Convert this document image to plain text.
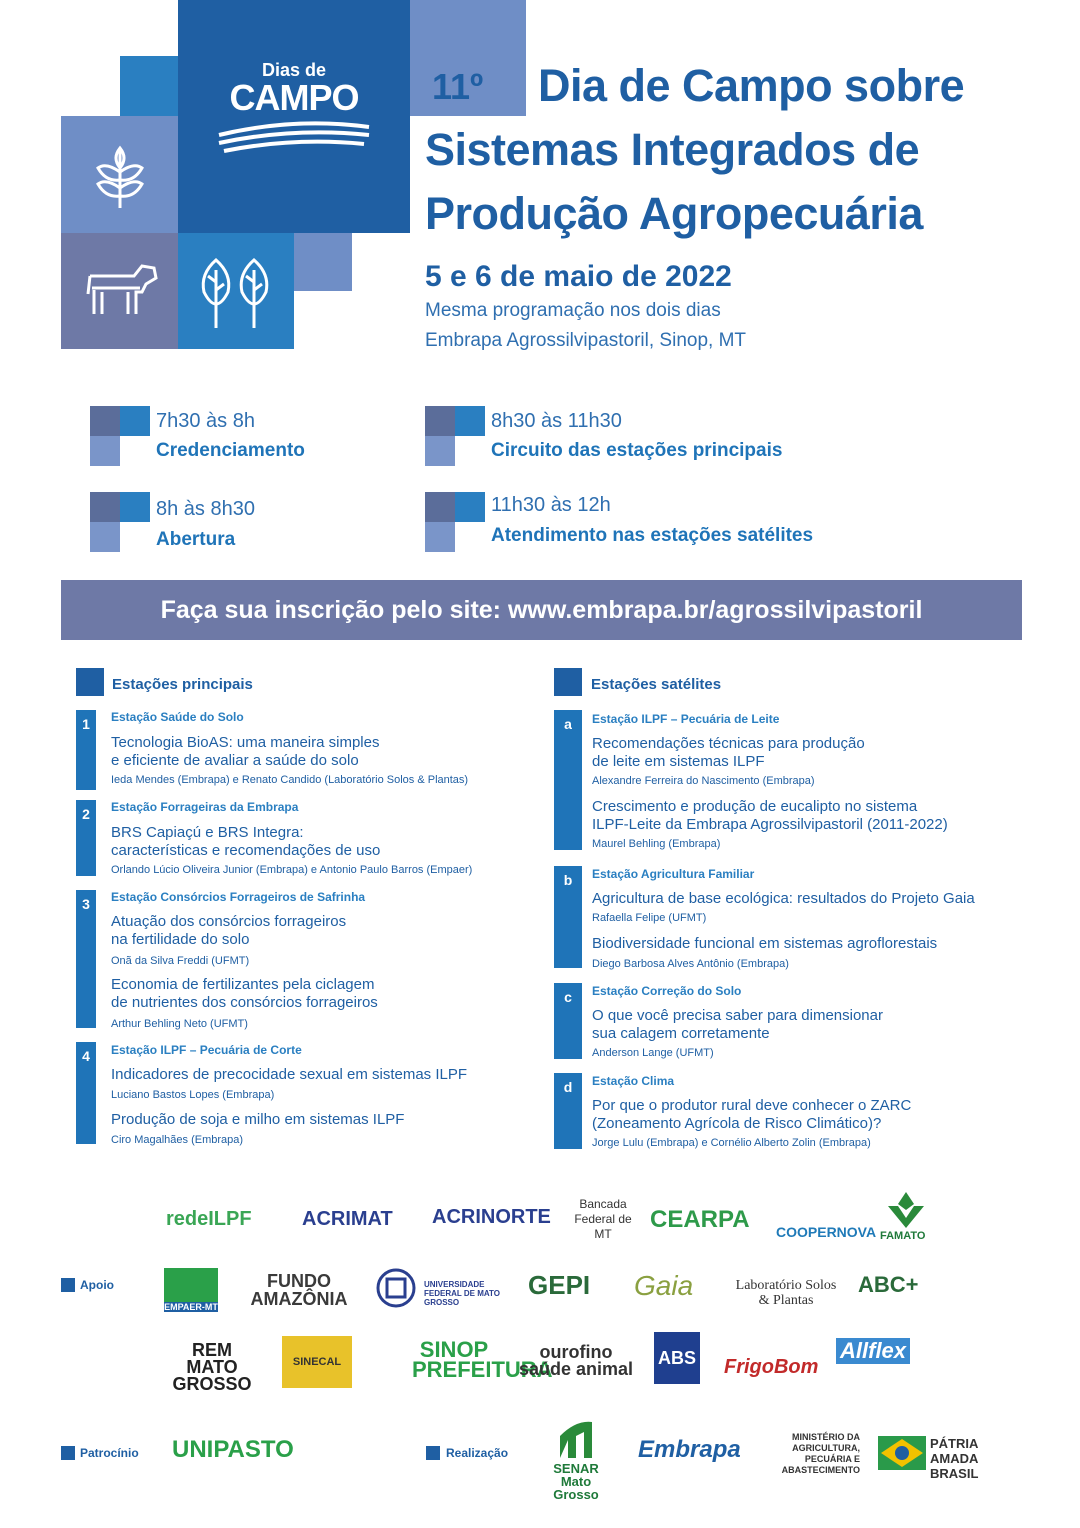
Dias de
CAMPO	11º Dia de Campo sobre
Sistemas Integrados de
Produção Agropecuária
5 e 6 de maio de 2022
Mesma programação nos dois dias
Embrapa Agrossilvipastoril, Sinop, MT
7h30 às 8h
Credenciamento
8h às 8h30
Abertura
8h30 às 11h30
Circuito das estações principais
11h30 às 12h
Atendimento nas estações satélites
Faça sua inscrição pelo site: www.embrapa.br/agrossilvipastoril
Estações principais
1	Estação Saúde do Solo
Tecnologia BioAS: uma maneira simples
e eficiente de avaliar a saúde do solo
Ieda Mendes (Embrapa) e Renato Candido (Laboratório Solos & Plantas)
2	Estação Forrageiras da Embrapa
BRS Capiaçú e BRS Integra:
características e recomendações de uso
Orlando Lúcio Oliveira Junior (Embrapa) e Antonio Paulo Barros (Empaer)
3	Estação Consórcios Forrageiros de Safrinha
Atuação dos consórcios forrageiros
na fertilidade do solo
Onã da Silva Freddi (UFMT)
Economia de fertilizantes pela ciclagem
de nutrientes dos consórcios forrageiros
Arthur Behling Neto (UFMT)
4	Estação ILPF – Pecuária de Corte
Indicadores de precocidade sexual em sistemas ILPF
Luciano Bastos Lopes (Embrapa)
Produção de soja e milho em sistemas ILPF
Ciro Magalhães (Embrapa)
Estações satélites
a	Estação ILPF – Pecuária de Leite
Recomendações técnicas para produção
de leite em sistemas ILPF
Alexandre Ferreira do Nascimento (Embrapa)
Crescimento e produção de eucalipto no sistema
ILPF-Leite da Embrapa Agrossilvipastoril (2011-2022)
Maurel Behling (Embrapa)
b	Estação Agricultura Familiar
Agricultura de base ecológica: resultados do Projeto Gaia
Rafaella Felipe (UFMT)
Biodiversidade funcional em sistemas agroflorestais
Diego Barbosa Alves Antônio (Embrapa)
c	Estação Correção do Solo
O que você precisa saber para dimensionar
sua calagem corretamente
Anderson Lange (UFMT)
d	Estação Clima
Por que o produtor rural deve conhecer o ZARC
(Zoneamento Agrícola de Risco Climático)?
Jorge Lulu (Embrapa) e Cornélio Alberto Zolin (Embrapa)
redeILPF	ACRIMAT ACRINORTE
Bancada Federal de MT
CEARPA COOPERNOVA FAMATO
Apoio
EMPAER-MT
FUNDO AMAZÔNIA
UNIVERSIDADE FEDERAL DE MATO GROSSO
GEPI Gaia	Laboratório Solos & Plantas
ABC+
REM MATO GROSSO
SINECAL	SINOP PREFEITURA
ourofino saúde animal
ABS FrigoBom
Allflex
Patrocínio UNIPASTO	Realização
SENAR Mato Grosso
Embrapa	MINISTÉRIO DA AGRICULTURA, PECUÁRIA E ABASTECIMENTO
PÁTRIA AMADA BRASIL
